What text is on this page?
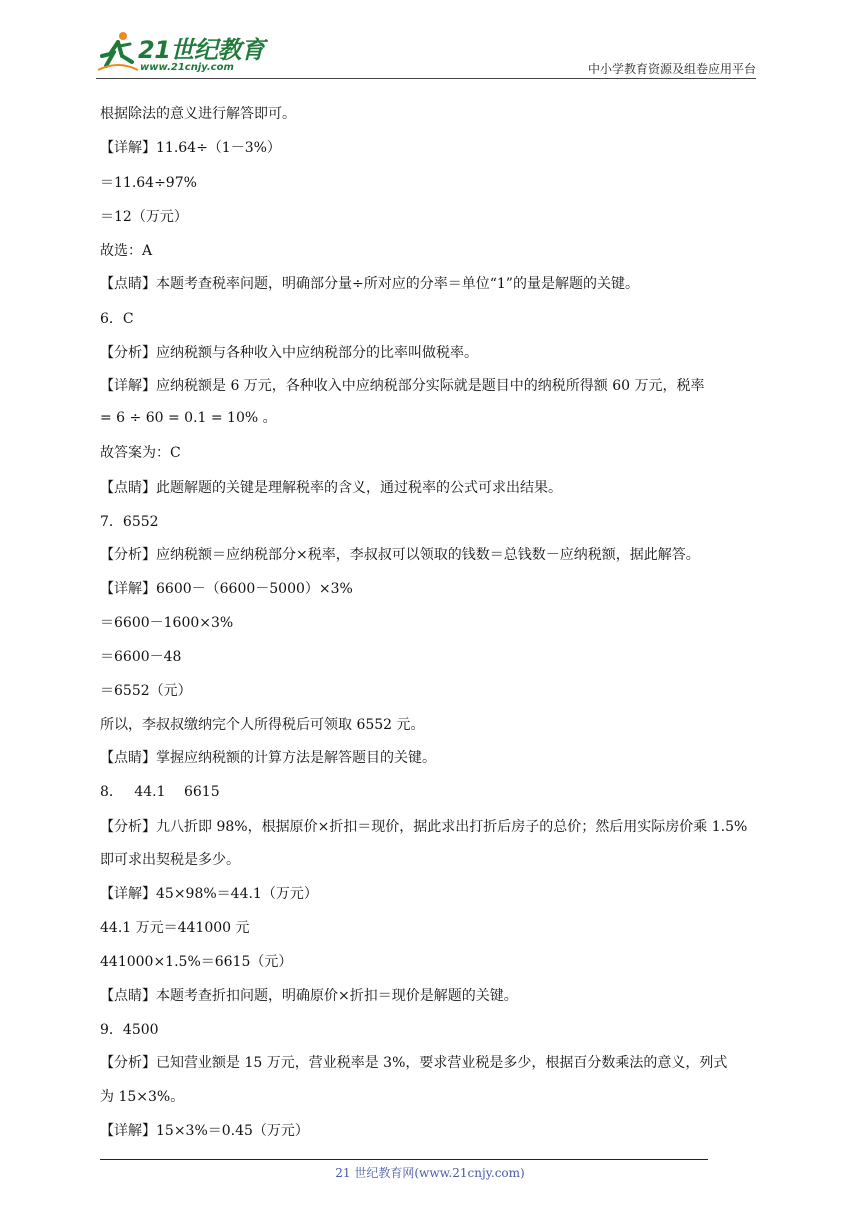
21世纪教育
www.21cnjy.com	中小学教育资源及组卷应用平台
根据除法的意义进行解答即可。
【详解】11.64÷（1－3%）
＝11.64÷97%
＝12（万元）
故选：A
【点睛】本题考查税率问题，明确部分量÷所对应的分率＝单位“1”的量是解题的关键。
6．C
【分析】应纳税额与各种收入中应纳税部分的比率叫做税率。
【详解】应纳税额是 6 万元，各种收入中应纳税部分实际就是题目中的纳税所得额 60 万元，税率
= 6 ÷ 60 = 0.1 = 10% 。
故答案为：C
【点睛】此题解题的关键是理解税率的含义，通过税率的公式可求出结果。
7．6552
【分析】应纳税额＝应纳税部分×税率，李叔叔可以领取的钱数＝总钱数－应纳税额，据此解答。
【详解】6600－（6600－5000）×3%
＝6600－1600×3%
＝6600－48
＝6552（元）
所以，李叔叔缴纳完个人所得税后可领取 6552 元。
【点睛】掌握应纳税额的计算方法是解答题目的关键。
8．　 44.1　 6615
【分析】九八折即 98%，根据原价×折扣＝现价，据此求出打折后房子的总价；然后用实际房价乘 1.5%
即可求出契税是多少。
【详解】45×98%＝44.1（万元）
44.1 万元＝441000 元
441000×1.5%＝6615（元）
【点睛】本题考查折扣问题，明确原价×折扣＝现价是解题的关键。
9．4500
【分析】已知营业额是 15 万元，营业税率是 3%，要求营业税是多少，根据百分数乘法的意义，列式
为 15×3%。
【详解】15×3%＝0.45（万元）
21 世纪教育网(www.21cnjy.com)
